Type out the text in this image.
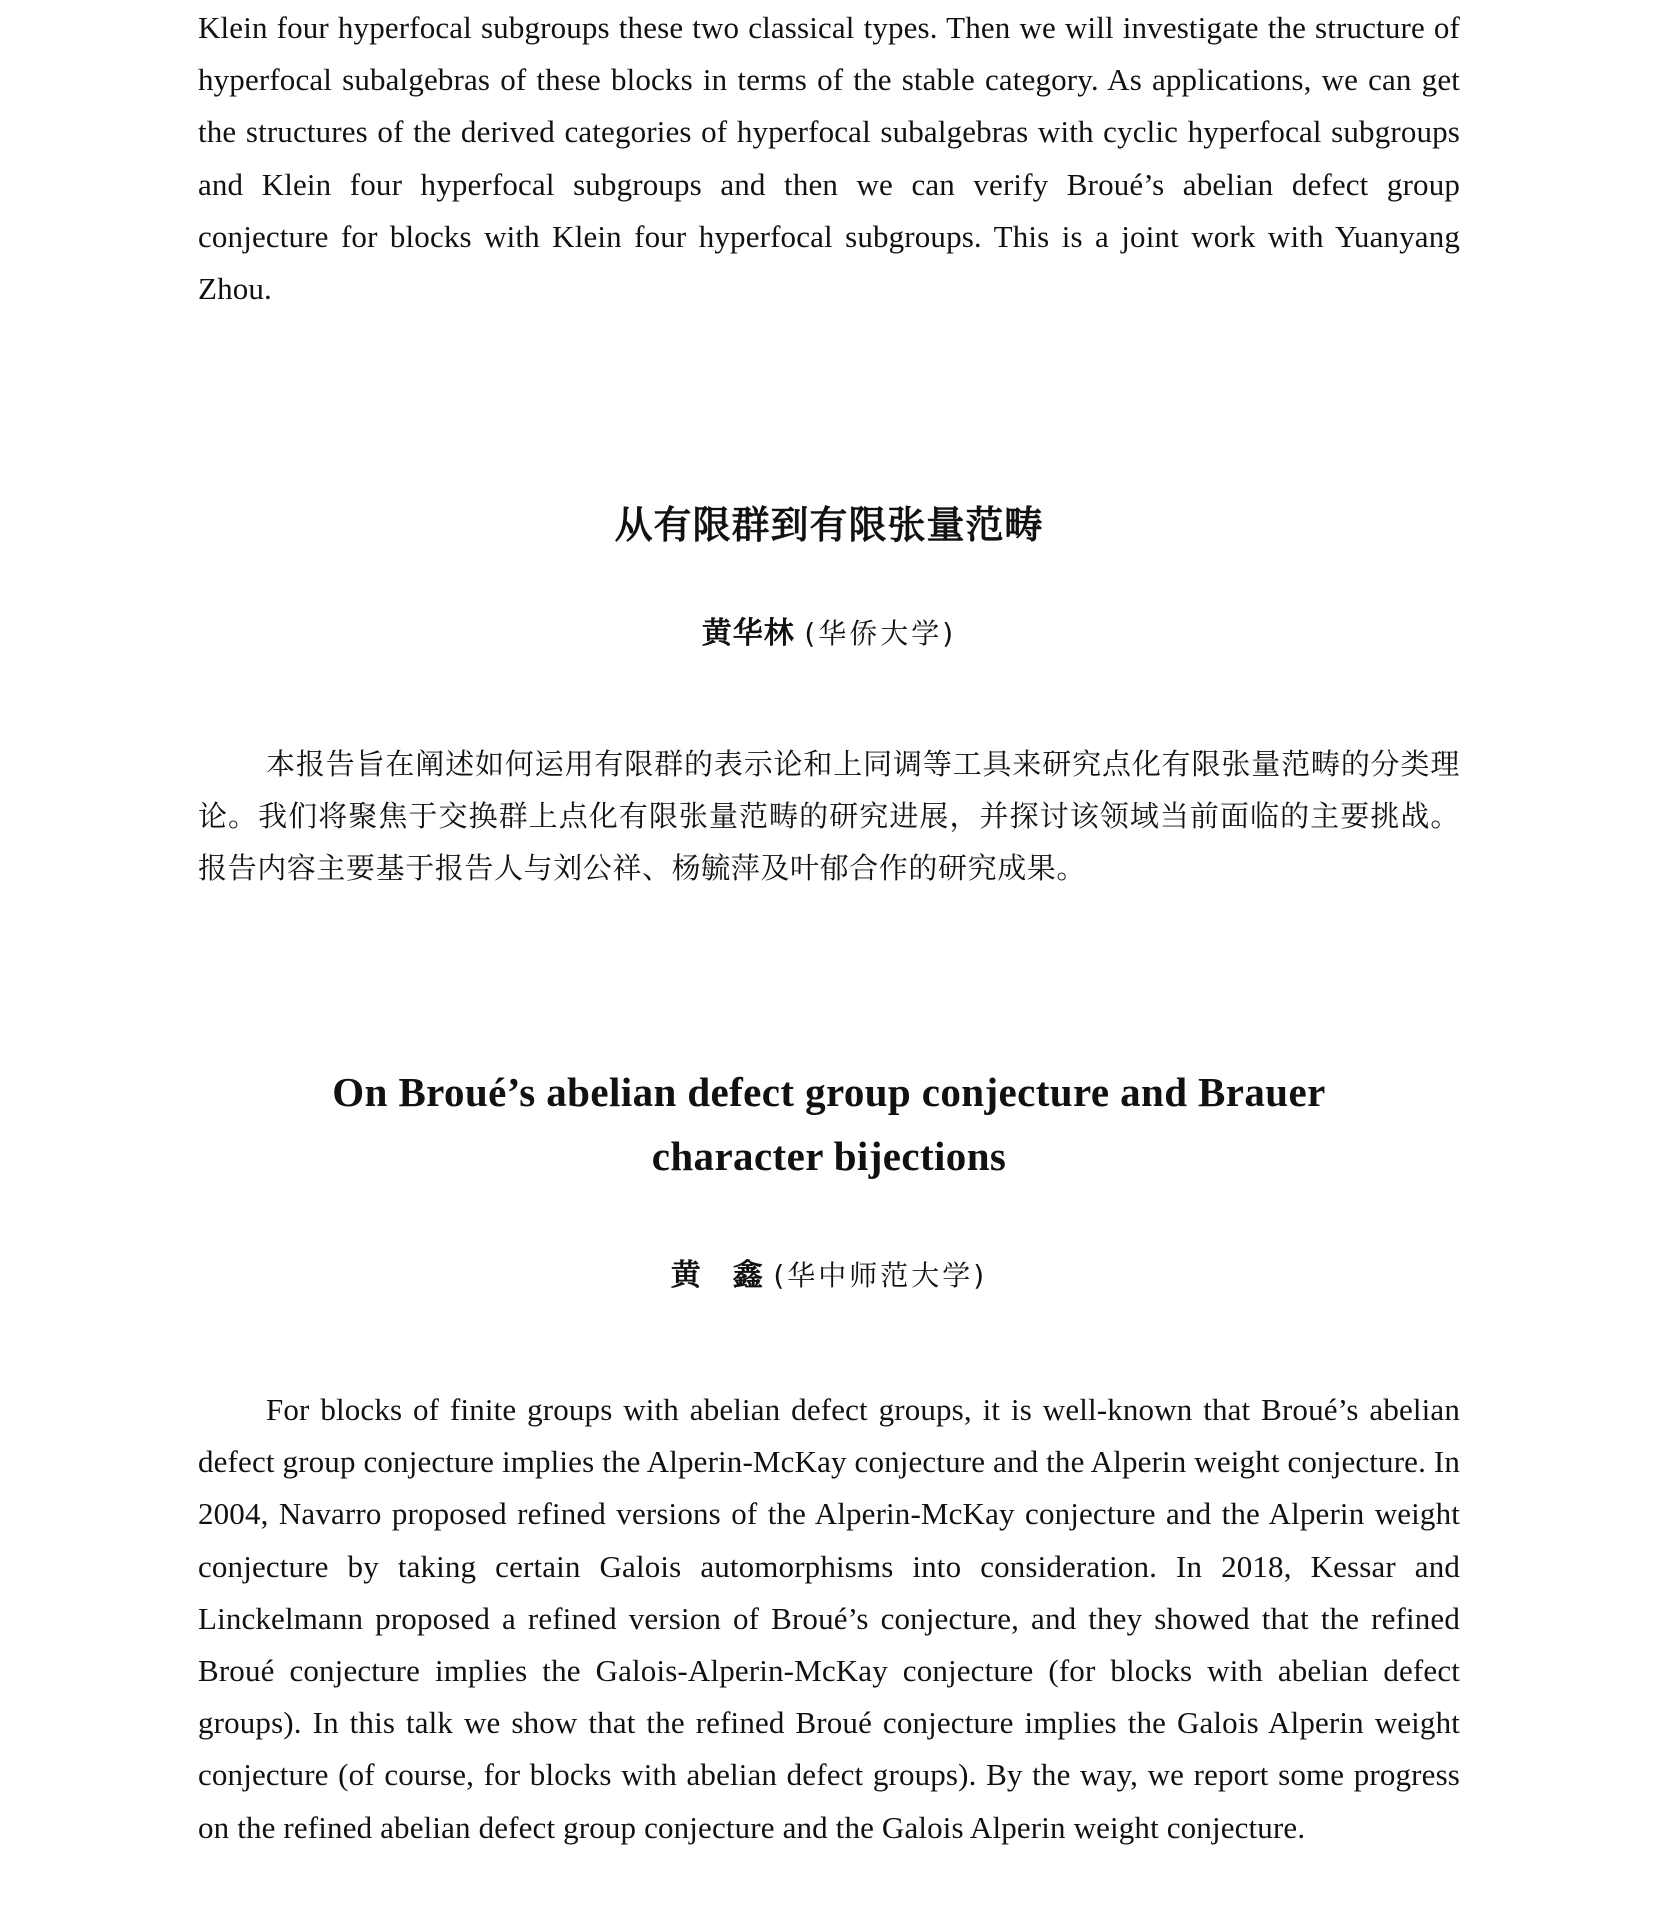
Klein four hyperfocal subgroups these two classical types. Then we will investigate the structure of hyperfocal subalgebras of these blocks in terms of the stable category. As applications, we can get the structures of the derived categories of hyperfocal subalgebras with cyclic hyperfocal subgroups and Klein four hyperfocal subgroups and then we can verify Broué’s abelian defect group conjecture for blocks with Klein four hyperfocal subgroups. This is a joint work with Yuanyang Zhou.

从有限群到有限张量范畴

黄华林 (华侨大学)

本报告旨在阐述如何运用有限群的表示论和上同调等工具来研究点化有限张量范畴的分类理论。我们将聚焦于交换群上点化有限张量范畴的研究进展，并探讨该领域当前面临的主要挑战。报告内容主要基于报告人与刘公祥、杨毓萍及叶郁合作的研究成果。

On Broué’s abelian defect group conjecture and Brauer
character bijections

黄　鑫 (华中师范大学)

For blocks of finite groups with abelian defect groups, it is well-known that Broué’s abelian defect group conjecture implies the Alperin-McKay conjecture and the Alperin weight conjecture. In 2004, Navarro proposed refined versions of the Alperin-McKay conjecture and the Alperin weight conjecture by taking certain Galois automorphisms into consideration. In 2018, Kessar and Linckelmann proposed a refined version of Broué’s conjecture, and they showed that the refined Broué conjecture implies the Galois-Alperin-McKay conjecture (for blocks with abelian defect groups). In this talk we show that the refined Broué conjecture implies the Galois Alperin weight conjecture (of course, for blocks with abelian defect groups). By the way, we report some progress on the refined abelian defect group conjecture and the Galois Alperin weight conjecture.
